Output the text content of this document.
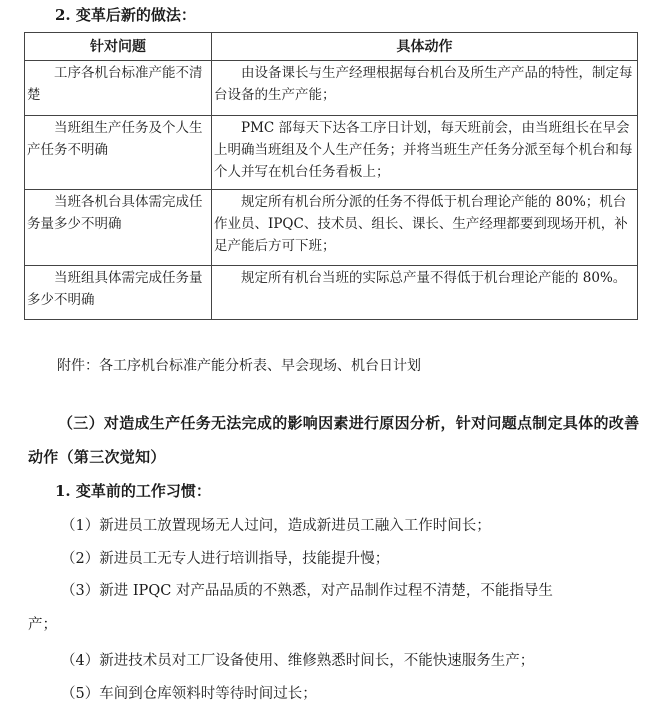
2. 变革后新的做法：
针对问题	具体动作
工序各机台标准产能不清楚	由设备课长与生产经理根据每台机台及所生产产品的特性，制定每台设备的生产产能；
当班组生产任务及个人生产任务不明确	PMC 部每天下达各工序日计划，每天班前会，由当班组长在早会上明确当班组及个人生产任务；并将当班生产任务分派至每个机台和每个人并写在机台任务看板上；
当班各机台具体需完成任务量多少不明确	规定所有机台所分派的任务不得低于机台理论产能的 80%；机台作业员、IPQC、技术员、组长、课长、生产经理都要到现场开机，补足产能后方可下班；
当班组具体需完成任务量多少不明确	规定所有机台当班的实际总产量不得低于机台理论产能的 80%。
附件：各工序机台标准产能分析表、早会现场、机台日计划
（三）对造成生产任务无法完成的影响因素进行原因分析，针对问题点制定具体的改善动作（第三次觉知）
1. 变革前的工作习惯：
（1）新进员工放置现场无人过问，造成新进员工融入工作时间长；
（2）新进员工无专人进行培训指导，技能提升慢；
（3）新进 IPQC 对产品品质的不熟悉，对产品制作过程不清楚，不能指导生
产；
（4）新进技术员对工厂设备使用、维修熟悉时间长，不能快速服务生产；
（5）车间到仓库领料时等待时间过长；
